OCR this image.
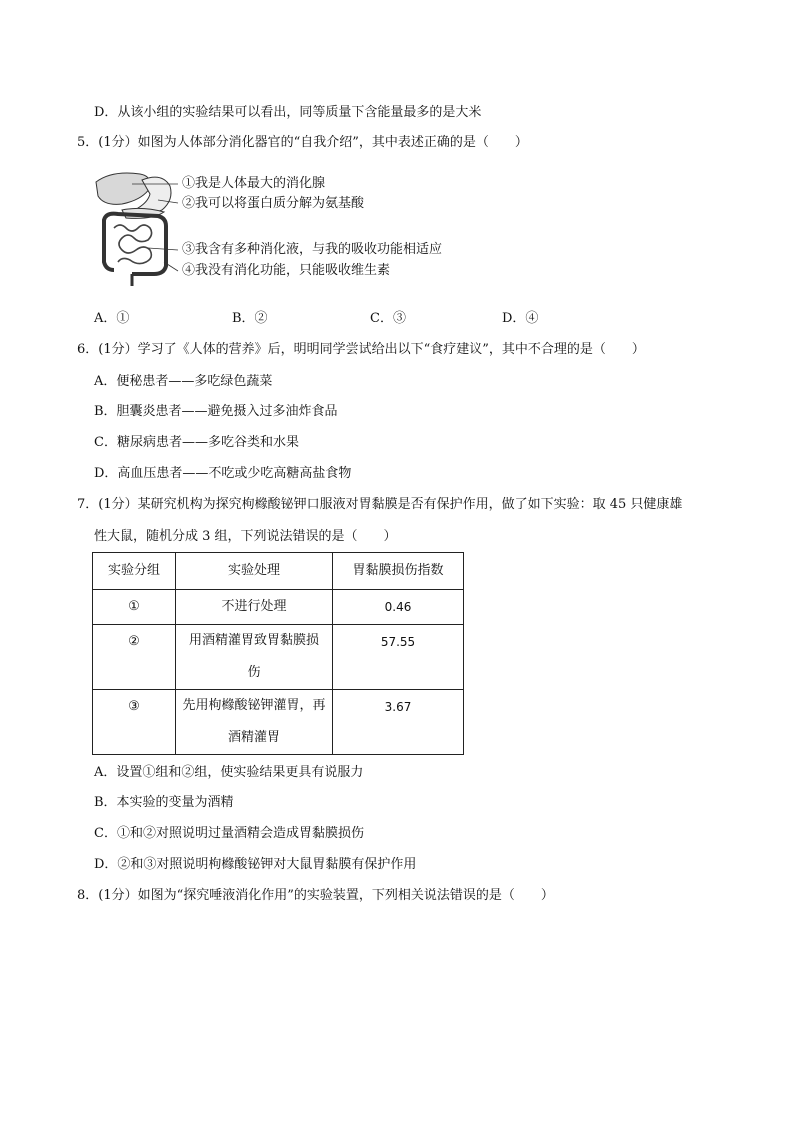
D．从该小组的实验结果可以看出，同等质量下含能量最多的是大米
5．(1分）如图为人体部分消化器官的“自我介绍”，其中表述正确的是（　　）
①我是人体最大的消化腺
②我可以将蛋白质分解为氨基酸
③我含有多种消化液，与我的吸收功能相适应
④我没有消化功能，只能吸收维生素
A．①	B．②	C．③	D．④
6．(1分）学习了《人体的营养》后，明明同学尝试给出以下“食疗建议”，其中不合理的是（　　）
A．便秘患者——多吃绿色蔬菜
B．胆囊炎患者——避免摄入过多油炸食品
C．糖尿病患者——多吃谷类和水果
D．高血压患者——不吃或少吃高糖高盐食物
7．(1分）某研究机构为探究枸橼酸铋钾口服液对胃黏膜是否有保护作用，做了如下实验：取 45 只健康雄
性大鼠，随机分成 3 组，下列说法错误的是（　　）
实验分组	实验处理	胃黏膜损伤指数
①	不进行处理	0.46
②	用酒精灌胃致胃黏膜损
伤	57.55
③	先用枸橼酸铋钾灌胃，再
酒精灌胃	3.67
A．设置①组和②组，使实验结果更具有说服力
B．本实验的变量为酒精
C．①和②对照说明过量酒精会造成胃黏膜损伤
D．②和③对照说明枸橼酸铋钾对大鼠胃黏膜有保护作用
8．(1分）如图为“探究唾液消化作用”的实验装置，下列相关说法错误的是（　　）
